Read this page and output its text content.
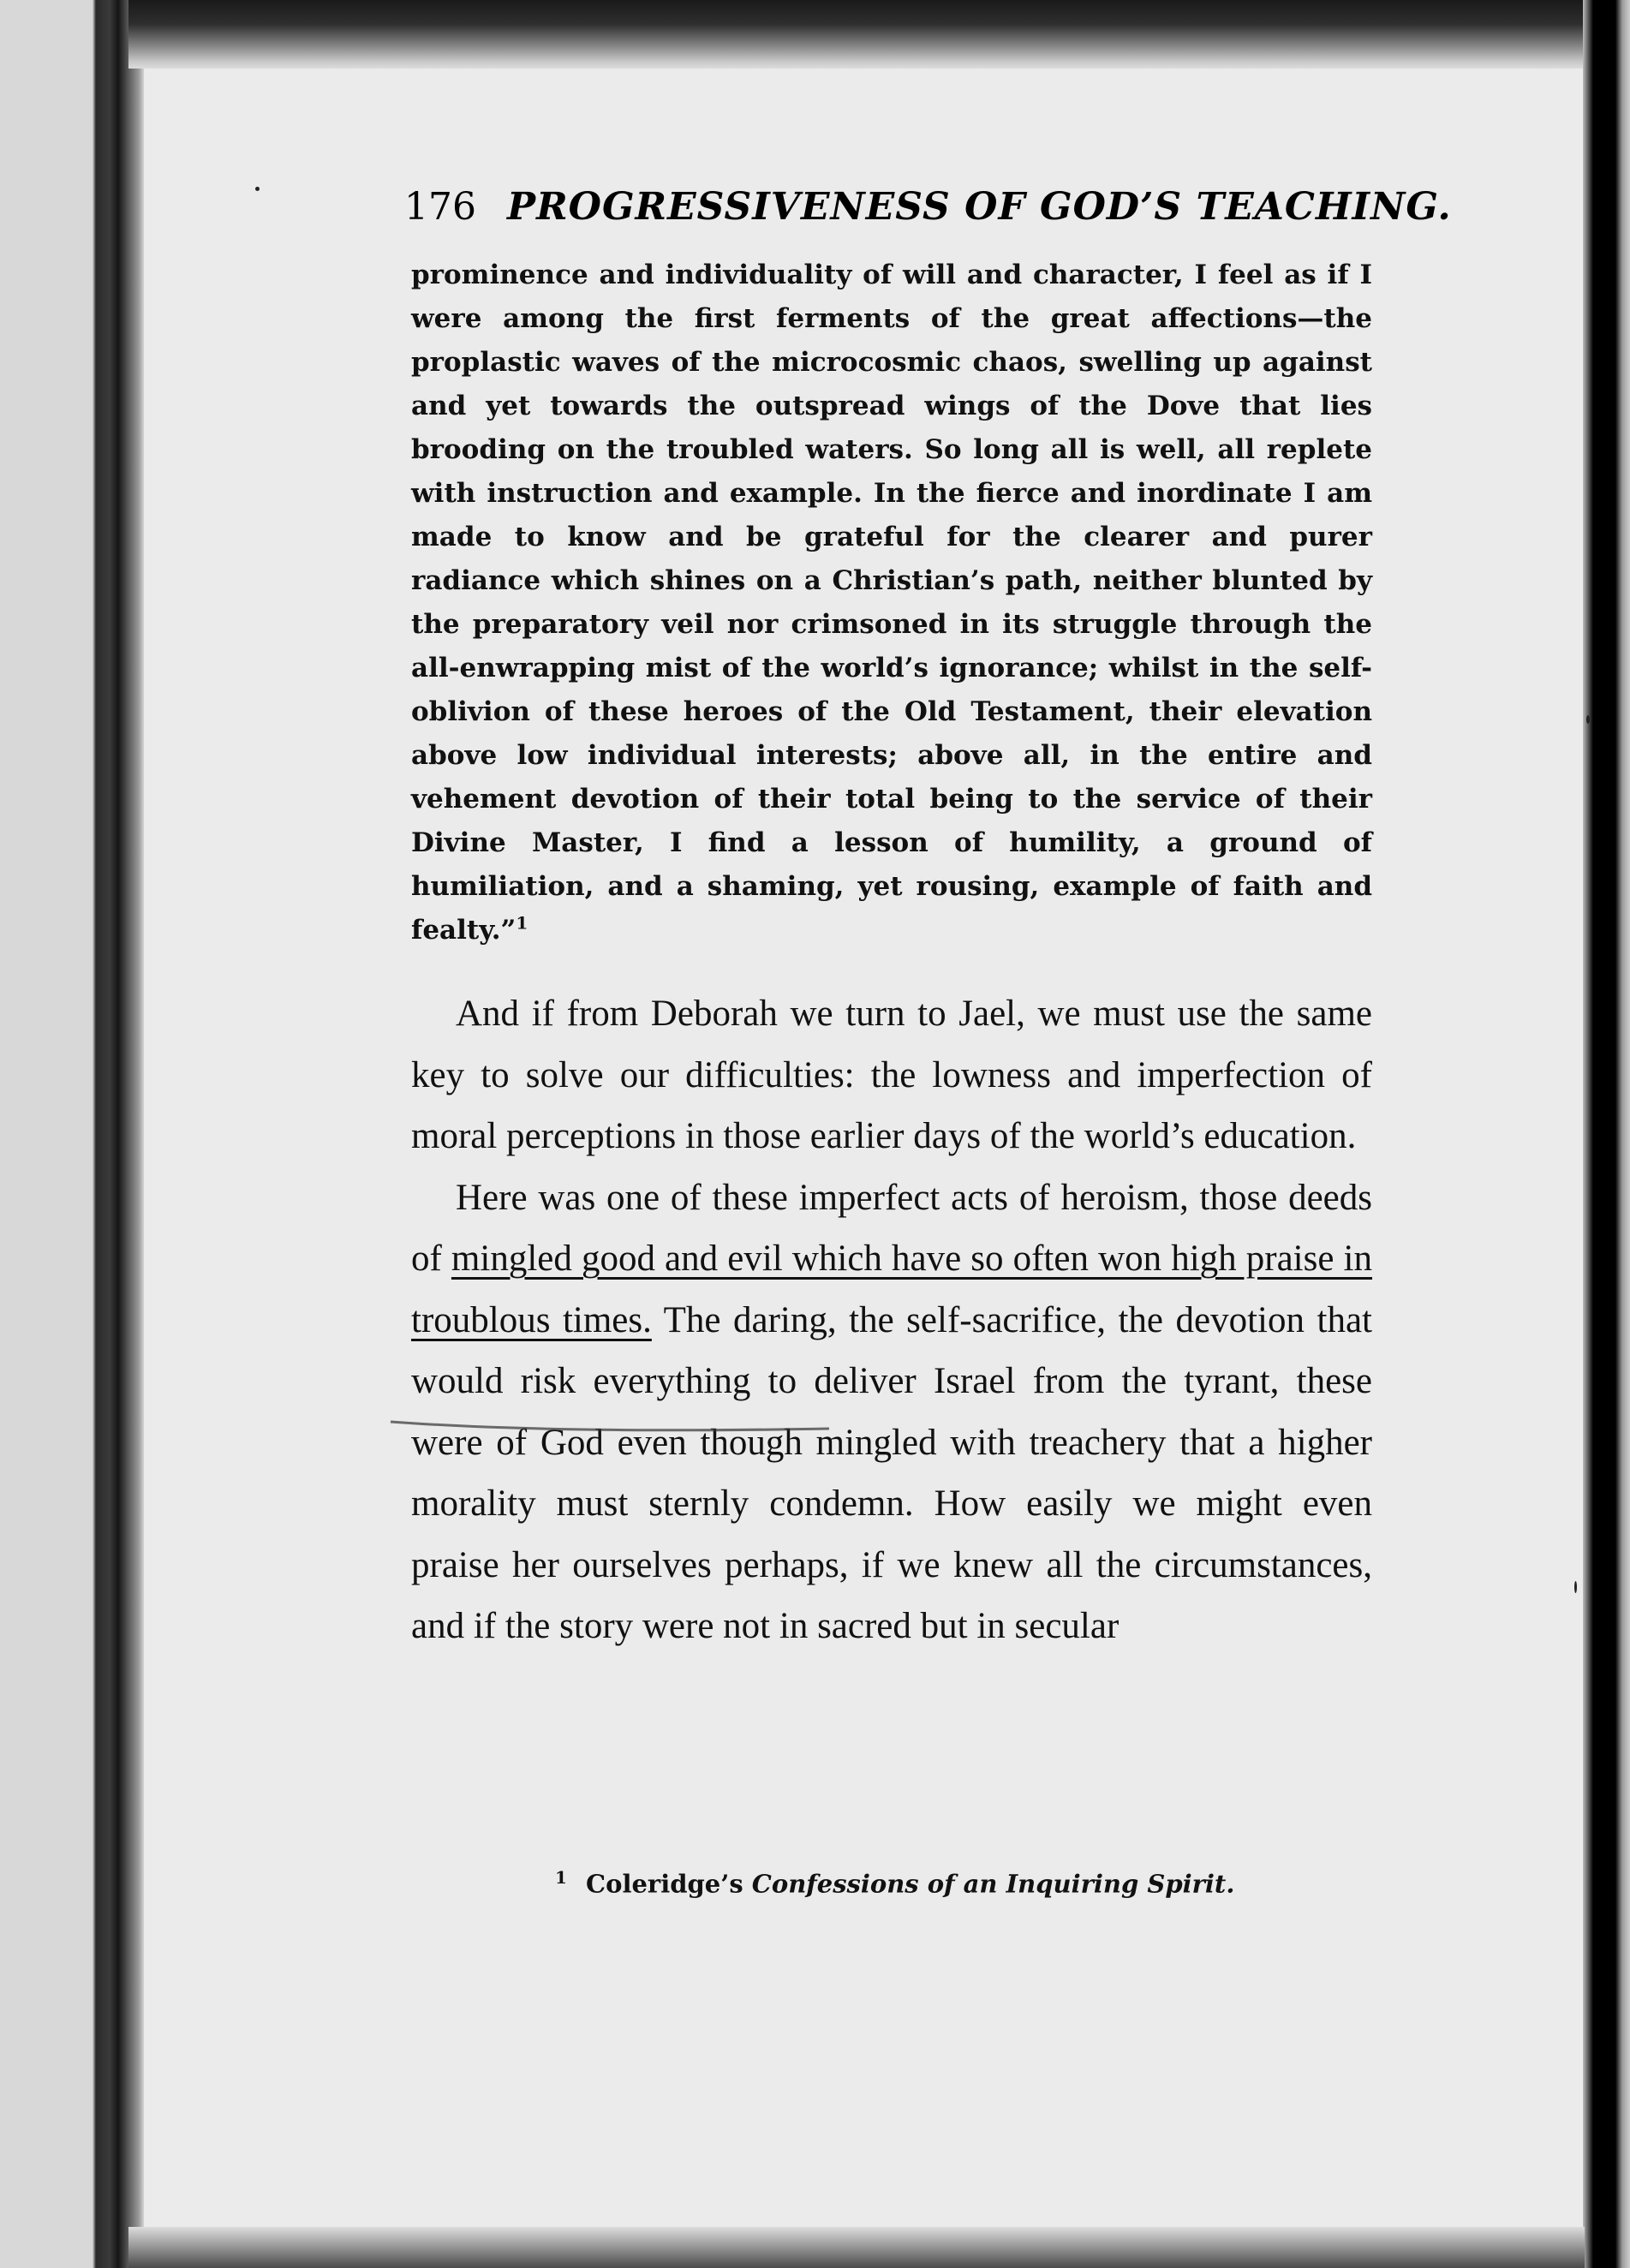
176 PROGRESSIVENESS OF GOD’S TEACHING.
prominence and individuality of will and character, I feel as if I were among the first ferments of the great affections—the proplastic waves of the microcosmic chaos, swelling up against and yet towards the outspread wings of the Dove that lies brooding on the troubled waters. So long all is well, all replete with instruction and example. In the fierce and inordinate I am made to know and be grateful for the clearer and purer radiance which shines on a Christian’s path, neither blunted by the preparatory veil nor crimsoned in its struggle through the all-enwrapping mist of the world’s ignorance; whilst in the self-oblivion of these heroes of the Old Testament, their elevation above low individual interests; above all, in the entire and vehement devotion of their total being to the service of their Divine Master, I find a lesson of humility, a ground of humiliation, and a shaming, yet rousing, example of faith and fealty.”$^1$

And if from Deborah we turn to Jael, we must use the same key to solve our difficulties: the lowness and imperfection of moral perceptions in those earlier days of the world’s education.

Here was one of these imperfect acts of heroism, those deeds of mingled good and evil which have so often won high praise in troublous times. The daring, the self-sacrifice, the devotion that would risk everything to deliver Israel from the tyrant, these were of God even though mingled with treachery that a higher morality must sternly condemn. How easily we might even praise her ourselves perhaps, if we knew all the circumstances, and if the story were not in sacred but in secular

$^1$ Coleridge’s Confessions of an Inquiring Spirit.
